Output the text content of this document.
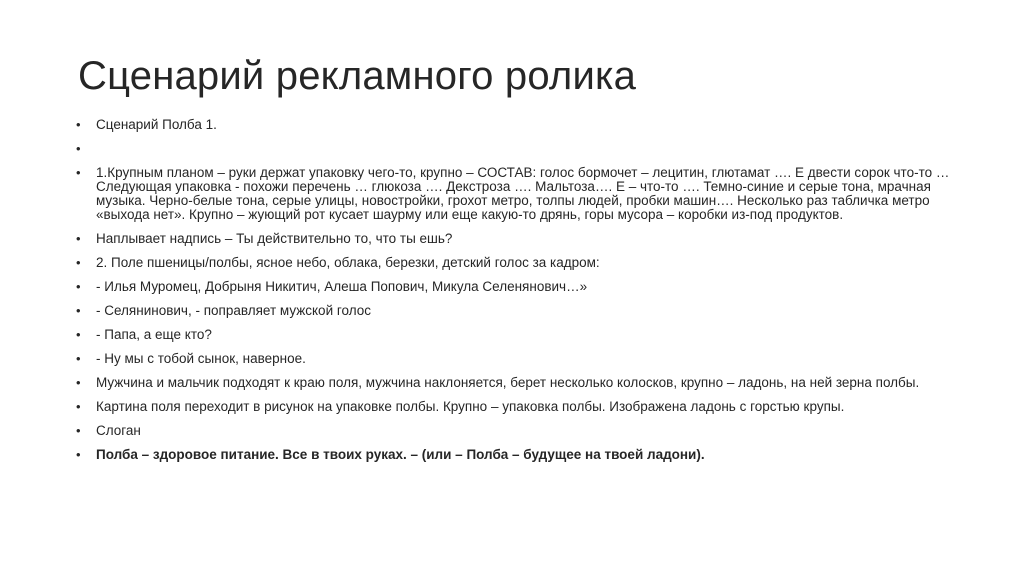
Сценарий рекламного ролика
• Сценарий Полба 1.
•
• 1.Крупным планом – руки держат упаковку чего-то, крупно – СОСТАВ: голос бормочет – лецитин, глютамат …. Е двести сорок что-то … Следующая упаковка - похожи перечень … глюкоза …. Декстроза …. Мальтоза…. Е – что-то …. Темно-синие и серые тона, мрачная музыка. Черно-белые тона, серые улицы, новостройки, грохот метро, толпы людей, пробки машин…. Несколько раз табличка метро «выхода нет». Крупно – жующий рот кусает шаурму или еще какую-то дрянь, горы мусора – коробки из-под продуктов.
• Наплывает надпись – Ты действительно то, что ты ешь?
• 2. Поле пшеницы/полбы, ясное небо, облака, березки, детский голос за кадром:
• - Илья Муромец, Добрыня Никитич, Алеша Попович, Микула Селенянович…»
• - Селянинович, - поправляет мужской голос
• - Папа, а еще кто?
• - Ну мы с тобой сынок, наверное.
• Мужчина и мальчик подходят к краю поля, мужчина наклоняется, берет несколько колосков, крупно – ладонь, на ней зерна полбы.
• Картина поля переходит в рисунок на упаковке полбы. Крупно – упаковка полбы. Изображена ладонь с горстью крупы.
• Слоган
• Полба – здоровое питание. Все в твоих руках. – (или – Полба – будущее на твоей ладони).
